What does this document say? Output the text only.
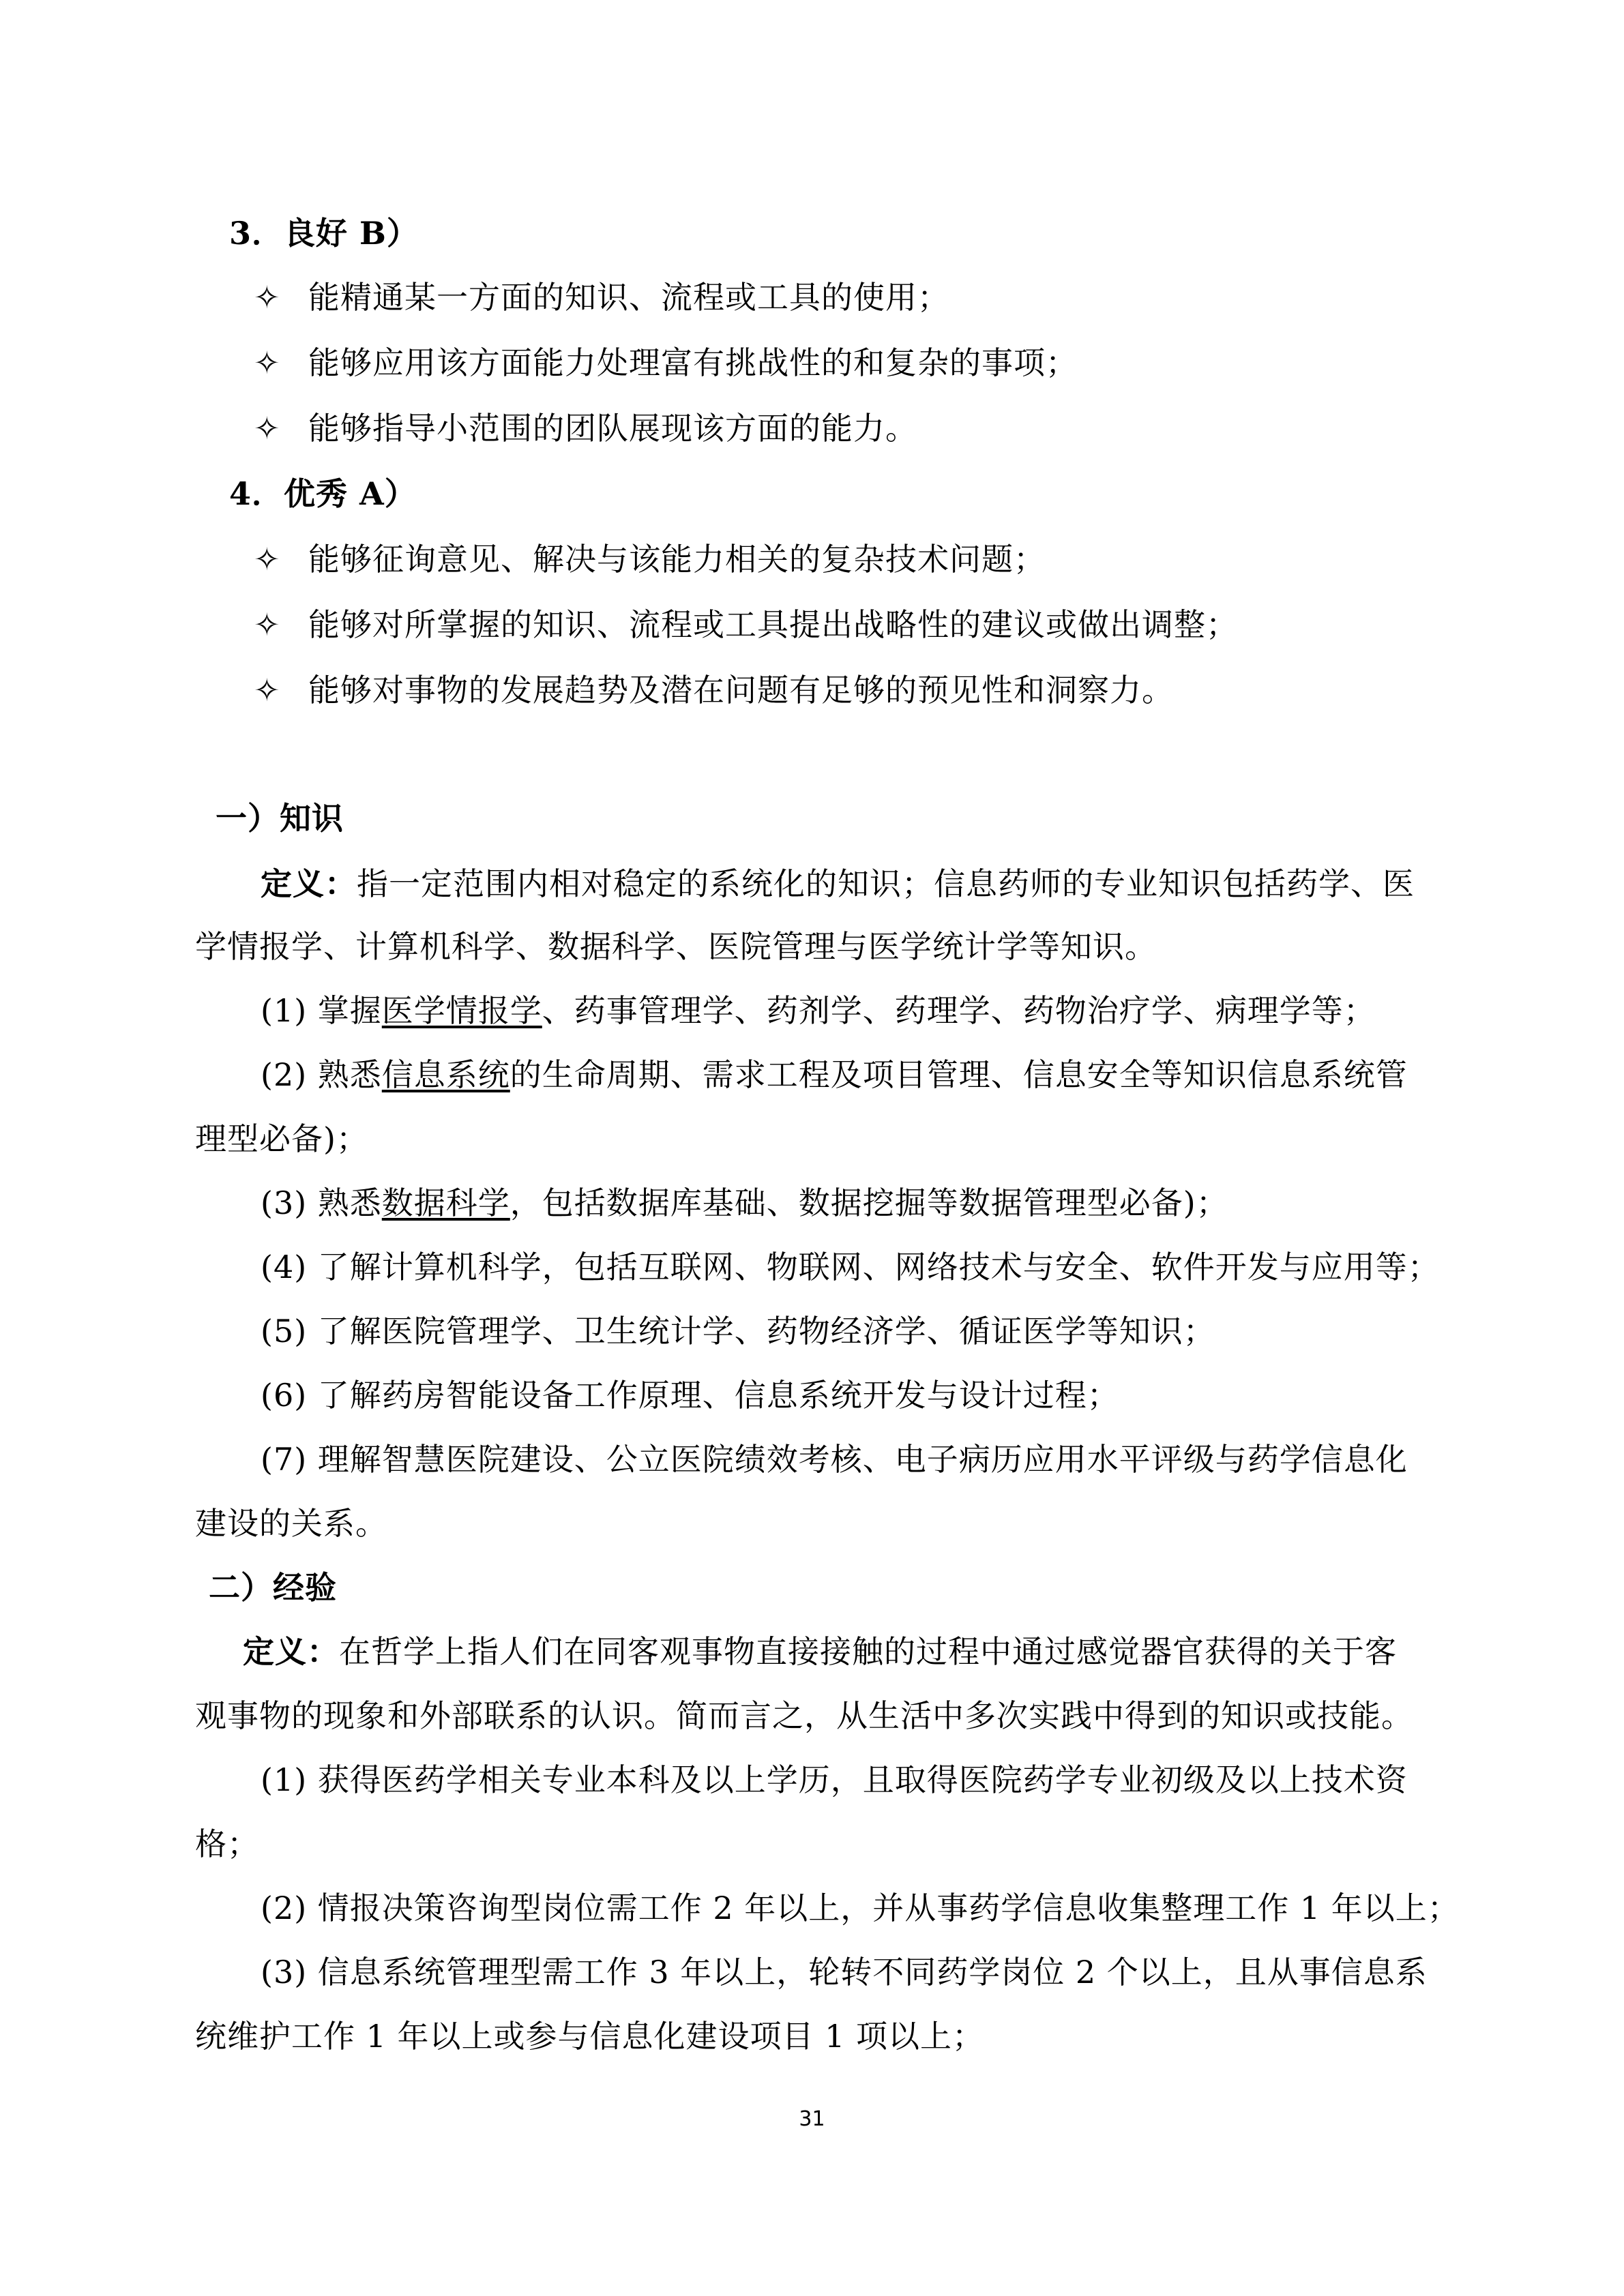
3．良好 B）
✧ 能精通某一方面的知识、流程或工具的使用；
✧ 能够应用该方面能力处理富有挑战性的和复杂的事项；
✧ 能够指导小范围的团队展现该方面的能力。
4．优秀 A）
✧ 能够征询意见、解决与该能力相关的复杂技术问题；
✧ 能够对所掌握的知识、流程或工具提出战略性的建议或做出调整；
✧ 能够对事物的发展趋势及潜在问题有足够的预见性和洞察力。
一）知识
定义：指一定范围内相对稳定的系统化的知识；信息药师的专业知识包括药学、医
学情报学、计算机科学、数据科学、医院管理与医学统计学等知识。
(1) 掌握医学情报学、药事管理学、药剂学、药理学、药物治疗学、病理学等；
(2) 熟悉信息系统的生命周期、需求工程及项目管理、信息安全等知识信息系统管
理型必备)；
(3) 熟悉数据科学，包括数据库基础、数据挖掘等数据管理型必备)；
(4) 了解计算机科学，包括互联网、物联网、网络技术与安全、软件开发与应用等；
(5) 了解医院管理学、卫生统计学、药物经济学、循证医学等知识；
(6) 了解药房智能设备工作原理、信息系统开发与设计过程；
(7) 理解智慧医院建设、公立医院绩效考核、电子病历应用水平评级与药学信息化
建设的关系。
二）经验
定义：在哲学上指人们在同客观事物直接接触的过程中通过感觉器官获得的关于客
观事物的现象和外部联系的认识。简而言之，从生活中多次实践中得到的知识或技能。
(1) 获得医药学相关专业本科及以上学历，且取得医院药学专业初级及以上技术资
格；
(2) 情报决策咨询型岗位需工作 2 年以上，并从事药学信息收集整理工作 1 年以上；
(3) 信息系统管理型需工作 3 年以上，轮转不同药学岗位 2 个以上，且从事信息系
统维护工作 1 年以上或参与信息化建设项目 1 项以上；
31
